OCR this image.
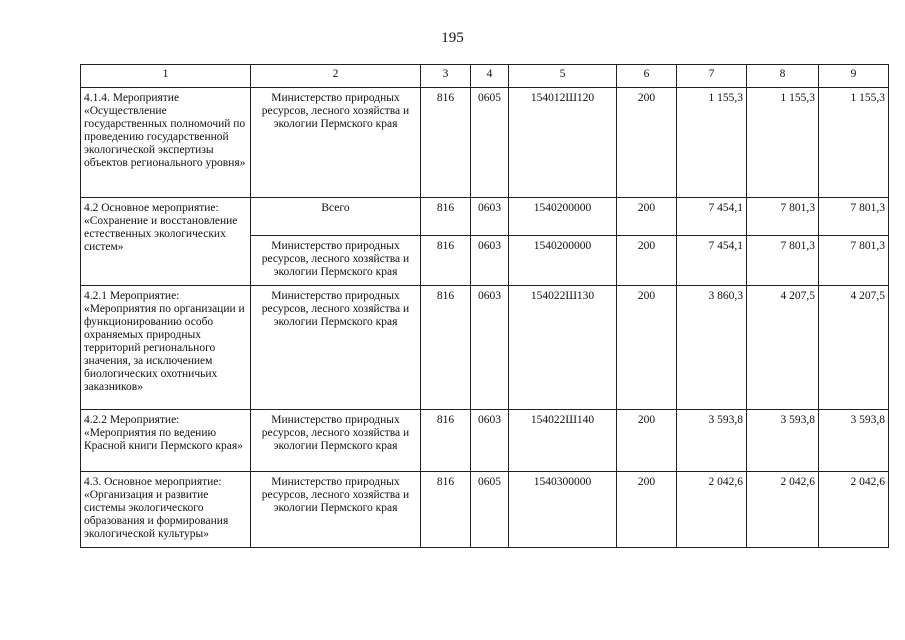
195
1	2	3	4	5	6	7	8	9
4.1.4. Мероприятие «Осуществление государственных полномочий по проведению государственной экологической экспертизы объектов регионального уровня»	Министерство природных ресурсов, лесного хозяйства и экологии Пермского края	816	0605	154012Ш120	200	1 155,3	1 155,3	1 155,3
4.2 Основное мероприятие: «Сохранение и восстановление естественных экологических систем»	Всего	816	0603	1540200000	200	7 454,1	7 801,3	7 801,3
	Министерство природных ресурсов, лесного хозяйства и экологии Пермского края	816	0603	1540200000	200	7 454,1	7 801,3	7 801,3
4.2.1 Мероприятие: «Мероприятия по организации и функционированию особо охраняемых природных территорий регионального значения, за исключением биологических охотничьих заказников»	Министерство природных ресурсов, лесного хозяйства и экологии Пермского края	816	0603	154022Ш130	200	3 860,3	4 207,5	4 207,5
4.2.2 Мероприятие: «Мероприятия по ведению Красной книги Пермского края»	Министерство природных ресурсов, лесного хозяйства и экологии Пермского края	816	0603	154022Ш140	200	3 593,8	3 593,8	3 593,8
4.3. Основное мероприятие: «Организация и развитие системы экологического образования и формирования экологической культуры»	Министерство природных ресурсов, лесного хозяйства и экологии Пермского края	816	0605	1540300000	200	2 042,6	2 042,6	2 042,6
